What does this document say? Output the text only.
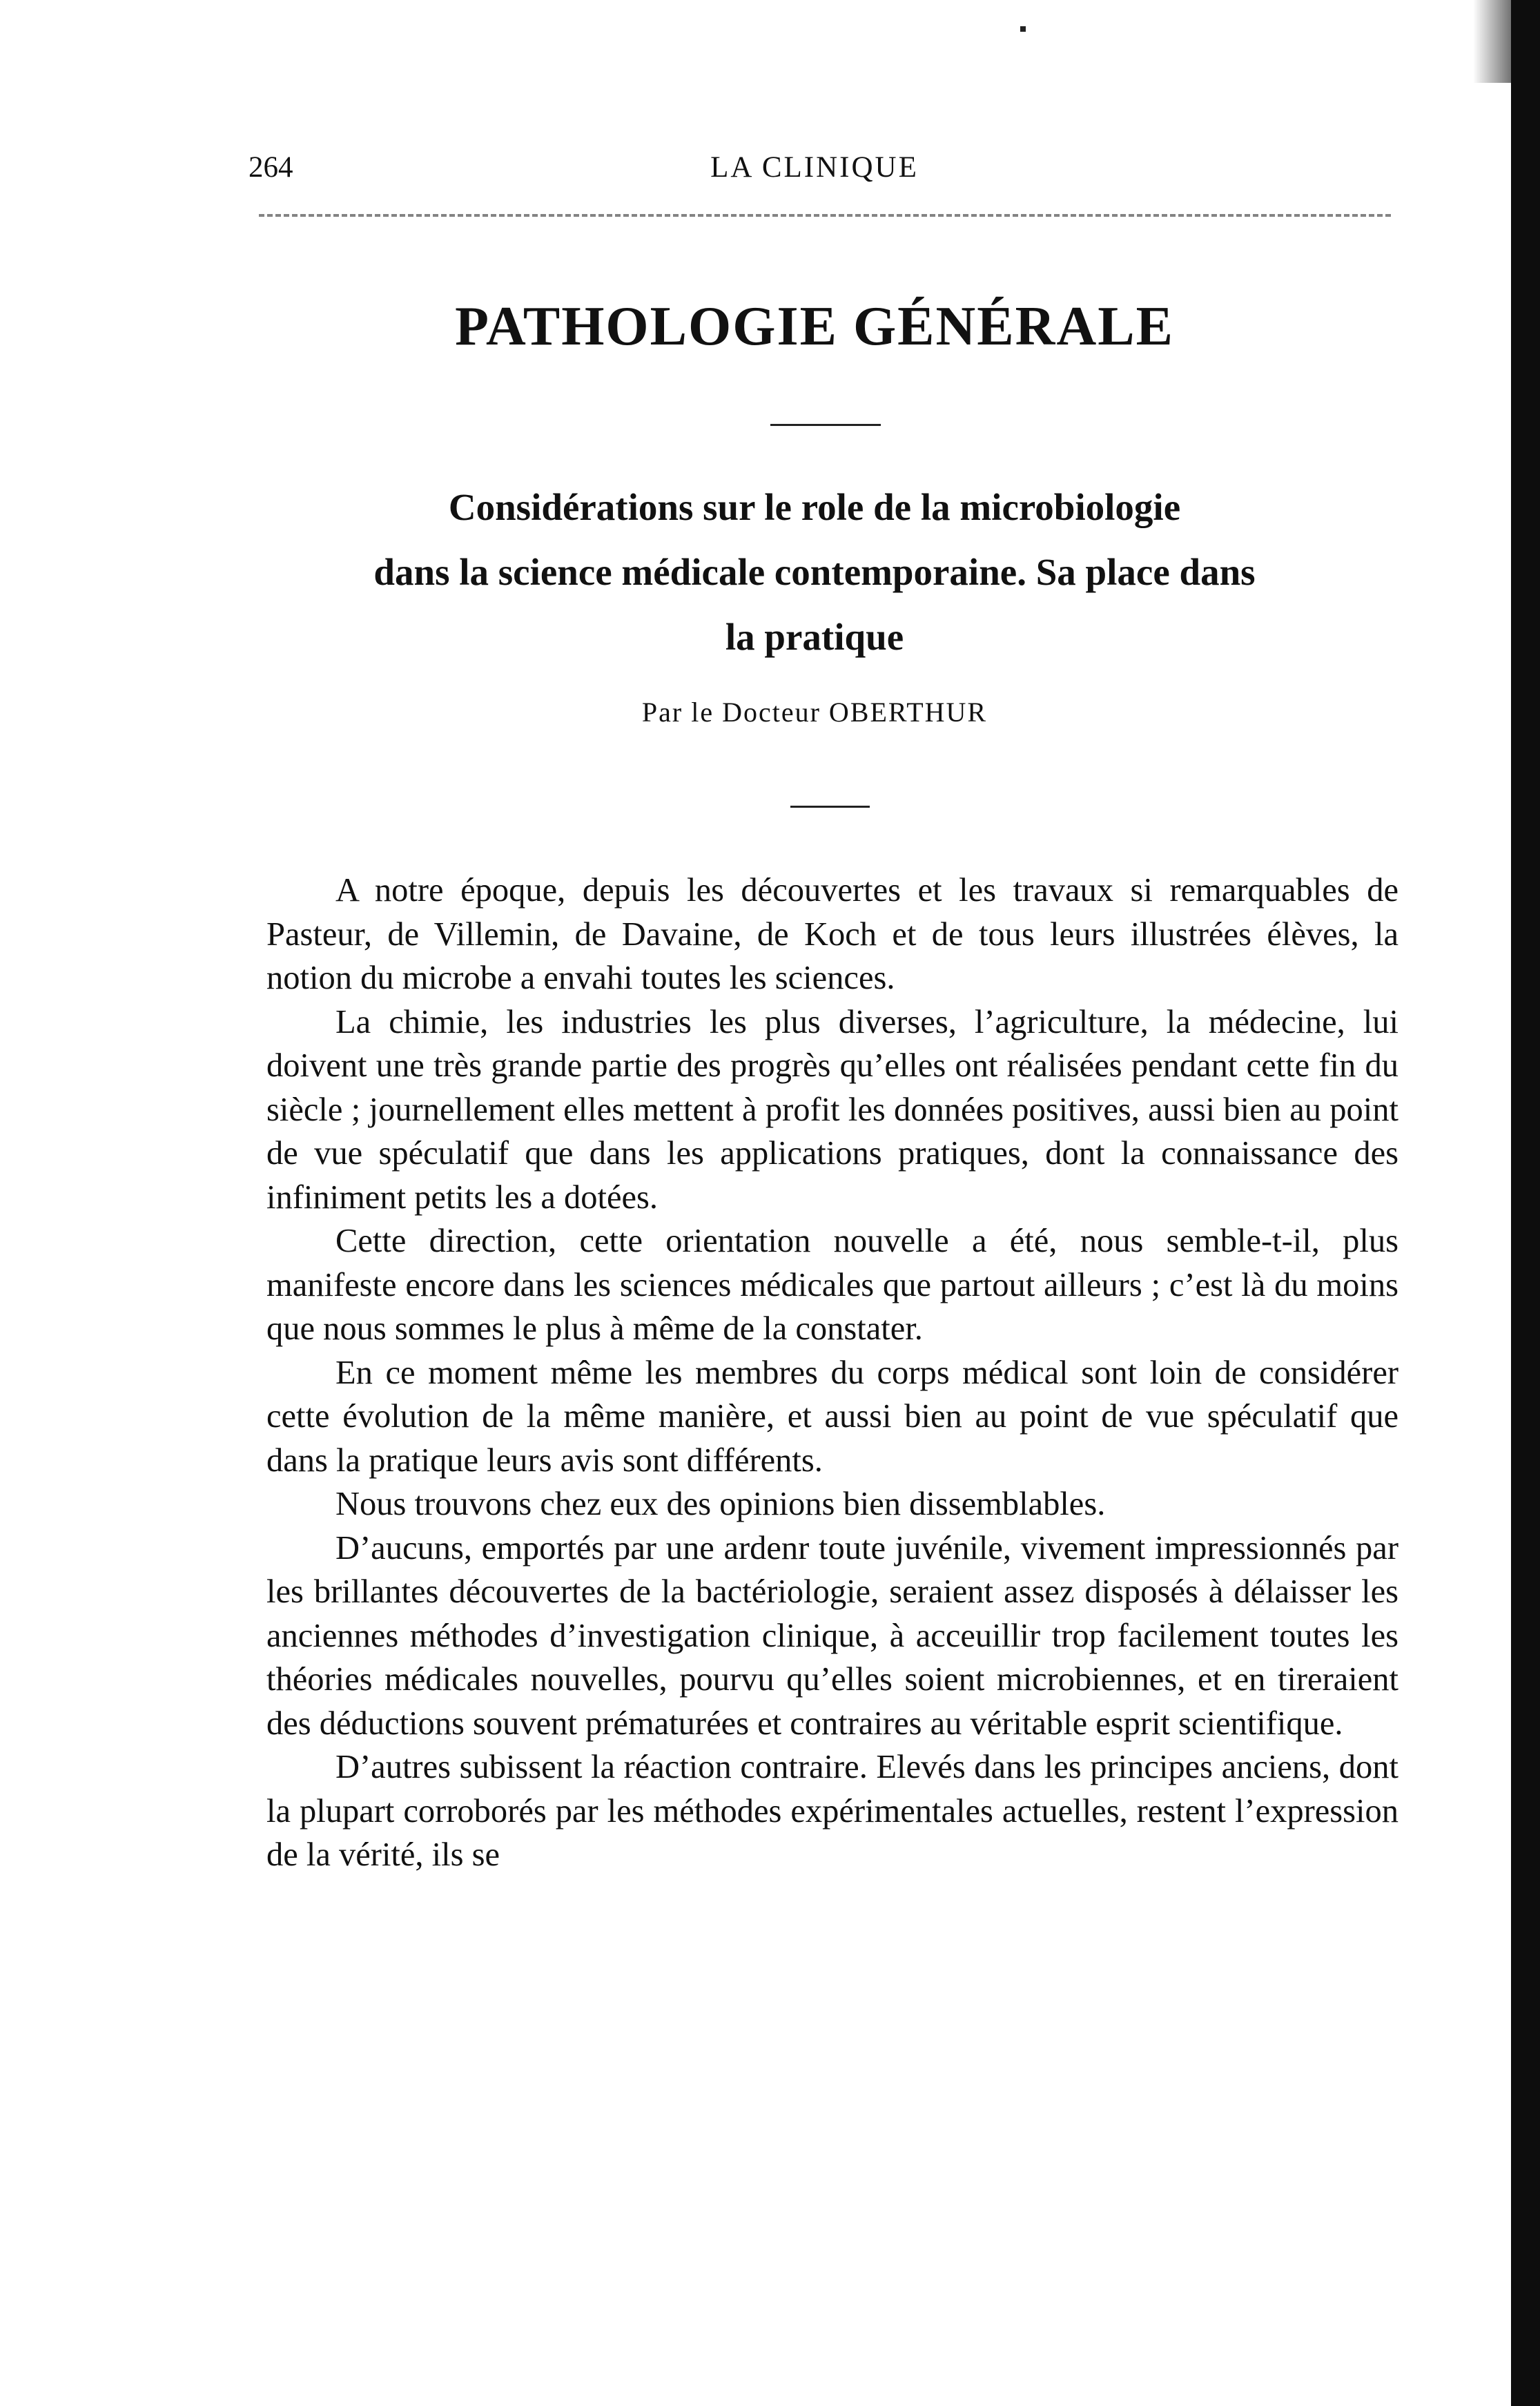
264	LA CLINIQUE
PATHOLOGIE GÉNÉRALE
Considérations sur le role de la microbiologie
dans la science médicale contemporaine. Sa place dans
la pratique
Par le Docteur OBERTHUR

A notre époque, depuis les découvertes et les travaux si remarquables de Pasteur, de Villemin, de Davaine, de Koch et de tous leurs illustrées élèves, la notion du microbe a envahi toutes les sciences.

La chimie, les industries les plus diverses, l’agriculture, la médecine, lui doivent une très grande partie des progrès qu’elles ont réalisées pendant cette fin du siècle ; journellement elles mettent à profit les données positives, aussi bien au point de vue spéculatif que dans les applications pratiques, dont la connaissance des infiniment petits les a dotées.

Cette direction, cette orientation nouvelle a été, nous semble-t-il, plus manifeste encore dans les sciences médicales que partout ailleurs ; c’est là du moins que nous sommes le plus à même de la constater.

En ce moment même les membres du corps médical sont loin de considérer cette évolution de la même manière, et aussi bien au point de vue spéculatif que dans la pratique leurs avis sont différents.

Nous trouvons chez eux des opinions bien dissemblables.

D’aucuns, emportés par une ardenr toute juvénile, vivement impressionnés par les brillantes découvertes de la bactériologie, seraient assez disposés à délaisser les anciennes méthodes d’investigation clinique, à acceuillir trop facilement toutes les théories médicales nouvelles, pourvu qu’elles soient microbiennes, et en tireraient des déductions souvent prématurées et contraires au véritable esprit scientifique.

D’autres subissent la réaction contraire. Elevés dans les principes anciens, dont la plupart corroborés par les méthodes expérimentales actuelles, restent l’expression de la vérité, ils se
